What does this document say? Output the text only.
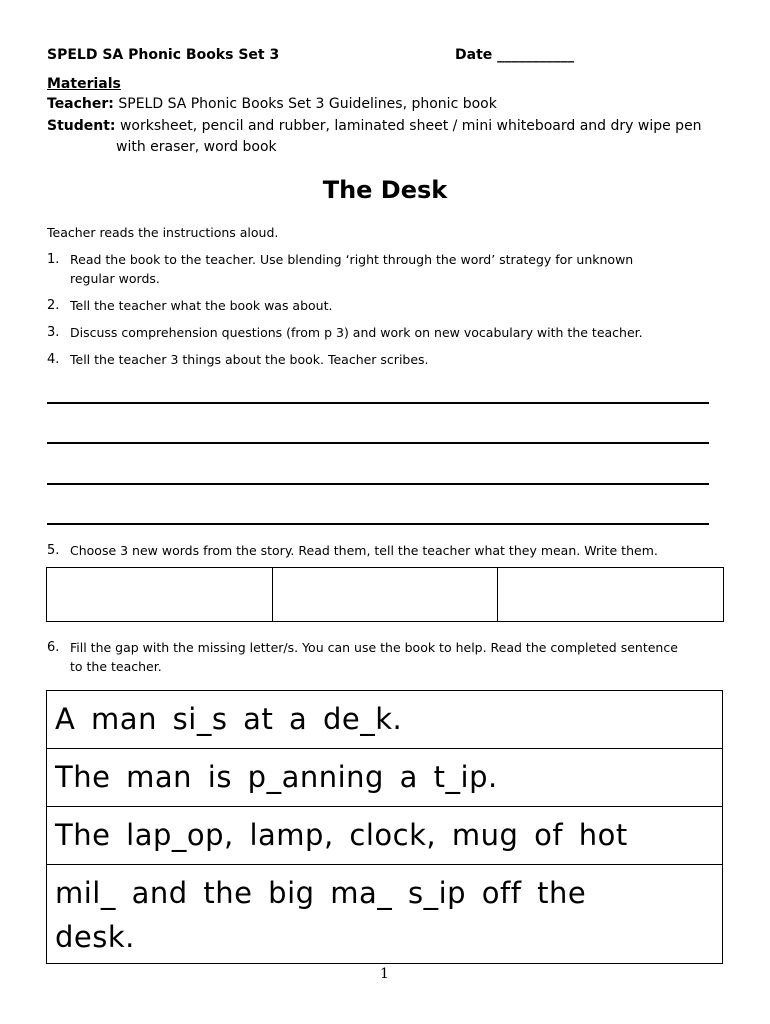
SPELD SA Phonic Books Set 3	Date ___________
Materials
Teacher: SPELD SA Phonic Books Set 3 Guidelines, phonic book
Student: worksheet, pencil and rubber, laminated sheet / mini whiteboard and dry wipe pen
with eraser, word book
The Desk
Teacher reads the instructions aloud.
1. Read the book to the teacher. Use blending ‘right through the word’ strategy for unknown
regular words.
2. Tell the teacher what the book was about.
3. Discuss comprehension questions (from p 3) and work on new vocabulary with the teacher.
4. Tell the teacher 3 things about the book. Teacher scribes.
5. Choose 3 new words from the story. Read them, tell the teacher what they mean. Write them.
6. Fill the gap with the missing letter/s. You can use the book to help. Read the completed sentence
to the teacher.
A man si_s at a de_k.
The man is p_anning a t_ip.
The lap_op, lamp, clock, mug of hot
mil_ and the big ma_ s_ip off the desk.
1
